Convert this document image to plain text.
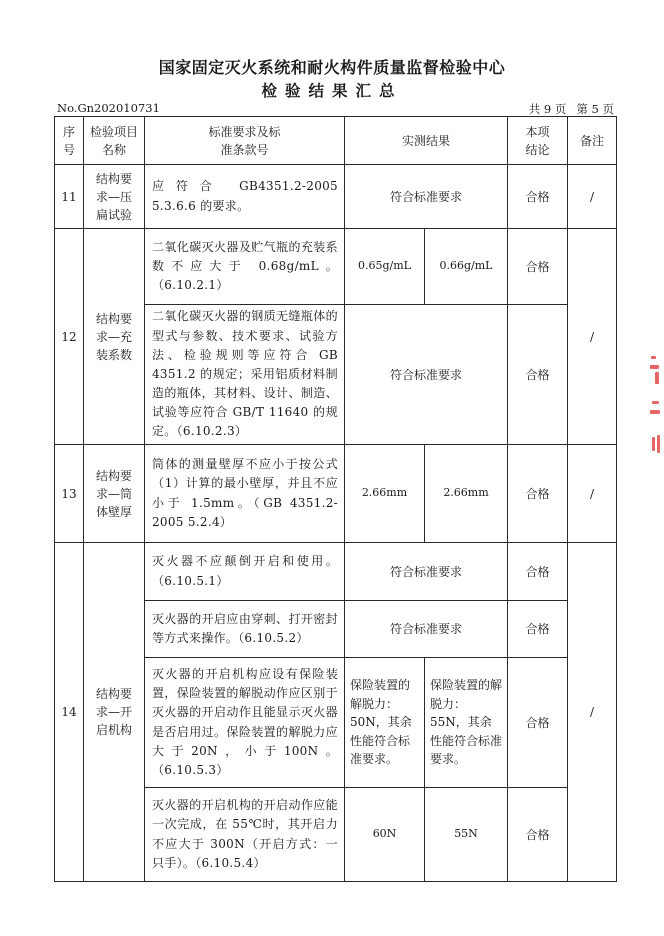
国家固定灭火系统和耐火构件质量监督检验中心
检验结果汇总
No.Gn202010731	共 9 页 第 5 页
序号
检验项目名称
标准要求及标准条款号
实测结果
本项结论
备注
11
结构要求—压扁试验
应符合 GB4351.2-2005 5.3.6.6 的要求。
符合标准要求	合格	/
12
结构要求—充装系数
二氧化碳灭火器及贮气瓶的充装系数不应大于 0.68g/mL。（6.10.2.1）
0.65g/mL	0.66g/mL	合格
二氧化碳灭火器的钢质无缝瓶体的型式与参数、技术要求、试验方法、检验规则等应符合 GB 4351.2 的规定；采用铝质材料制造的瓶体，其材料、设计、制造、试验等应符合 GB/T 11640 的规定。（6.10.2.3）
符合标准要求	合格
/
13
结构要求—筒体壁厚
筒体的测量壁厚不应小于按公式（1）计算的最小壁厚，并且不应小于 1.5mm。（GB 4351.2-2005 5.2.4）
2.66mm	2.66mm	合格	/
14
结构要求—开启机构
灭火器不应颠倒开启和使用。（6.10.5.1）
符合标准要求	合格
灭火器的开启应由穿刺、打开密封等方式来操作。（6.10.5.2）
符合标准要求	合格
灭火器的开启机构应设有保险装置，保险装置的解脱动作应区别于灭火器的开启动作且能显示灭火器是否启用过。保险装置的解脱力应大于20N，小于100N。（6.10.5.3）
保险装置的解脱力：50N，其余性能符合标准要求。
保险装置的解脱力：55N，其余性能符合标准要求。
合格
灭火器的开启机构的开启动作应能一次完成，在 55℃时，其开启力不应大于 300N（开启方式：一只手）。（6.10.5.4）
60N	55N	合格
/
